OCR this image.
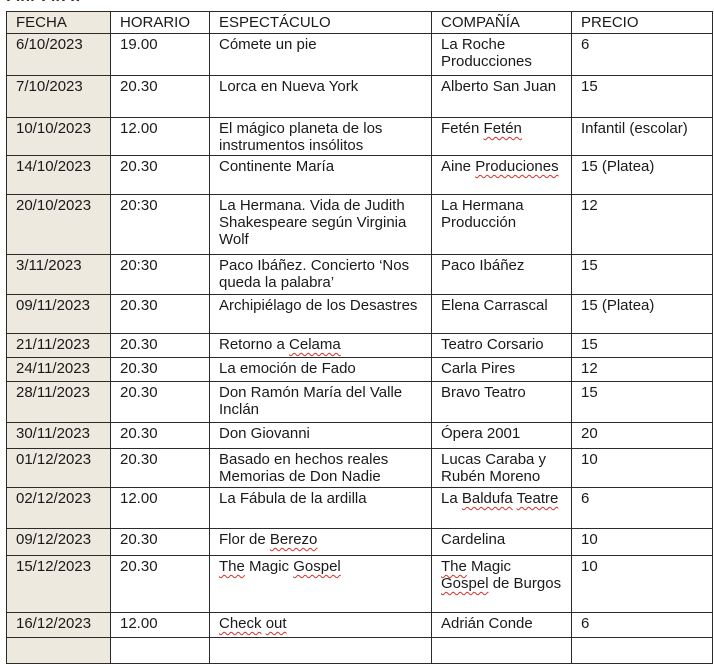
FECHA	HORARIO	ESPECTÁCULO	COMPAÑÍA	PRECIO
6/10/2023	19.00	Cómete un pie	La Roche Producciones	6
7/10/2023	20.30	Lorca en Nueva York	Alberto San Juan	15
10/10/2023	12.00	El mágico planeta de los instrumentos insólitos	Fetén Fetén	Infantil (escolar)
14/10/2023	20.30	Continente María	Aine Produciones	15 (Platea)
20/10/2023	20:30	La Hermana. Vida de Judith Shakespeare según Virginia Wolf	La Hermana Producción	12
3/11/2023	20:30	Paco Ibáñez. Concierto ‘Nos queda la palabra’	Paco Ibáñez	15
09/11/2023	20.30	Archipiélago de los Desastres	Elena Carrascal	15 (Platea)
21/11/2023	20.30	Retorno a Celama	Teatro Corsario	15
24/11/2023	20.30	La emoción de Fado	Carla Pires	12
28/11/2023	20.30	Don Ramón María del Valle Inclán	Bravo Teatro	15
30/11/2023	20.30	Don Giovanni	Ópera 2001	20
01/12/2023	20.30	Basado en hechos reales Memorias de Don Nadie	Lucas Caraba y Rubén Moreno	10
02/12/2023	12.00	La Fábula de la ardilla	La Baldufa Teatre	6
09/12/2023	20.30	Flor de Berezo	Cardelina	10
15/12/2023	20.30	The Magic Gospel	The Magic Gospel de Burgos	10
16/12/2023	12.00	Check out	Adrián Conde	6
